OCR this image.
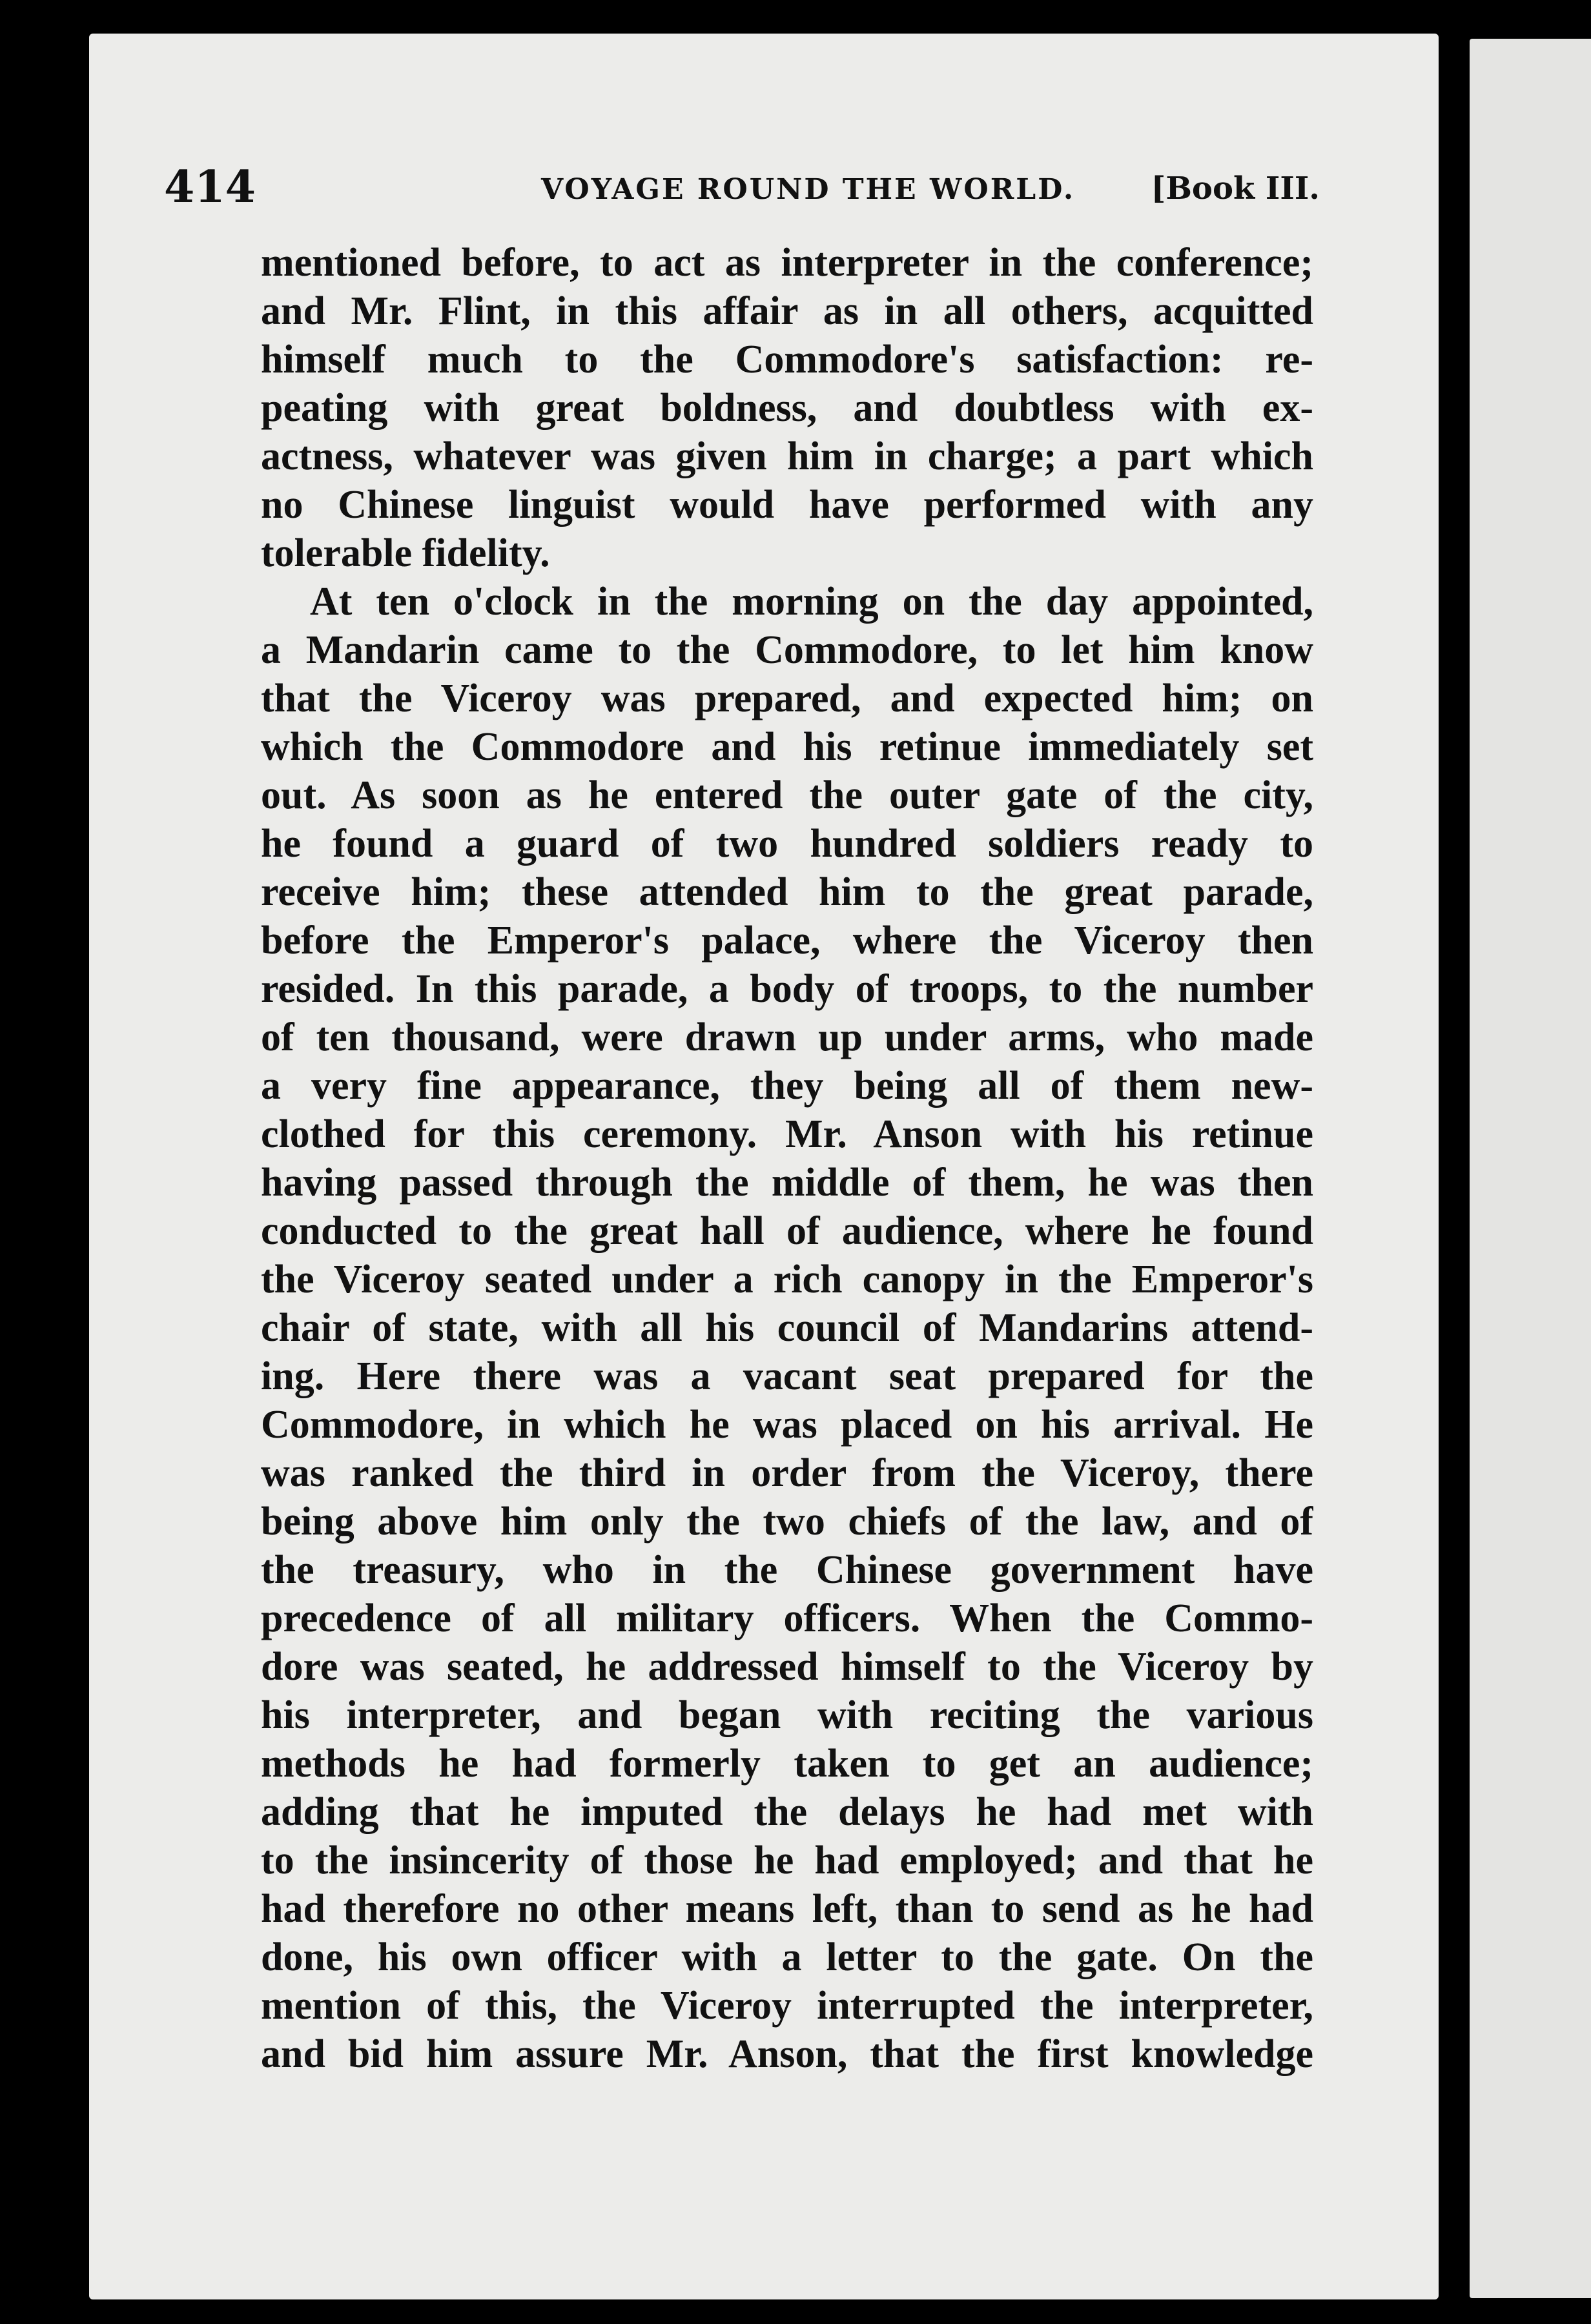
414	VOYAGE ROUND THE WORLD. [Book III.
mentioned before, to act as interpreter in the conference;
and Mr. Flint, in this affair as in all others, acquitted
himself much to the Commodore's satisfaction: re-
peating with great boldness, and doubtless with ex-
actness, whatever was given him in charge; a part which
no Chinese linguist would have performed with any
tolerable fidelity.
At ten o'clock in the morning on the day appointed,
a Mandarin came to the Commodore, to let him know
that the Viceroy was prepared, and expected him; on
which the Commodore and his retinue immediately set
out. As soon as he entered the outer gate of the city,
he found a guard of two hundred soldiers ready to
receive him; these attended him to the great parade,
before the Emperor's palace, where the Viceroy then
resided. In this parade, a body of troops, to the number
of ten thousand, were drawn up under arms, who made
a very fine appearance, they being all of them new-
clothed for this ceremony. Mr. Anson with his retinue
having passed through the middle of them, he was then
conducted to the great hall of audience, where he found
the Viceroy seated under a rich canopy in the Emperor's
chair of state, with all his council of Mandarins attend-
ing. Here there was a vacant seat prepared for the
Commodore, in which he was placed on his arrival. He
was ranked the third in order from the Viceroy, there
being above him only the two chiefs of the law, and of
the treasury, who in the Chinese government have
precedence of all military officers. When the Commo-
dore was seated, he addressed himself to the Viceroy by
his interpreter, and began with reciting the various
methods he had formerly taken to get an audience;
adding that he imputed the delays he had met with
to the insincerity of those he had employed; and that he
had therefore no other means left, than to send as he had
done, his own officer with a letter to the gate. On the
mention of this, the Viceroy interrupted the interpreter,
and bid him assure Mr. Anson, that the first knowledge
